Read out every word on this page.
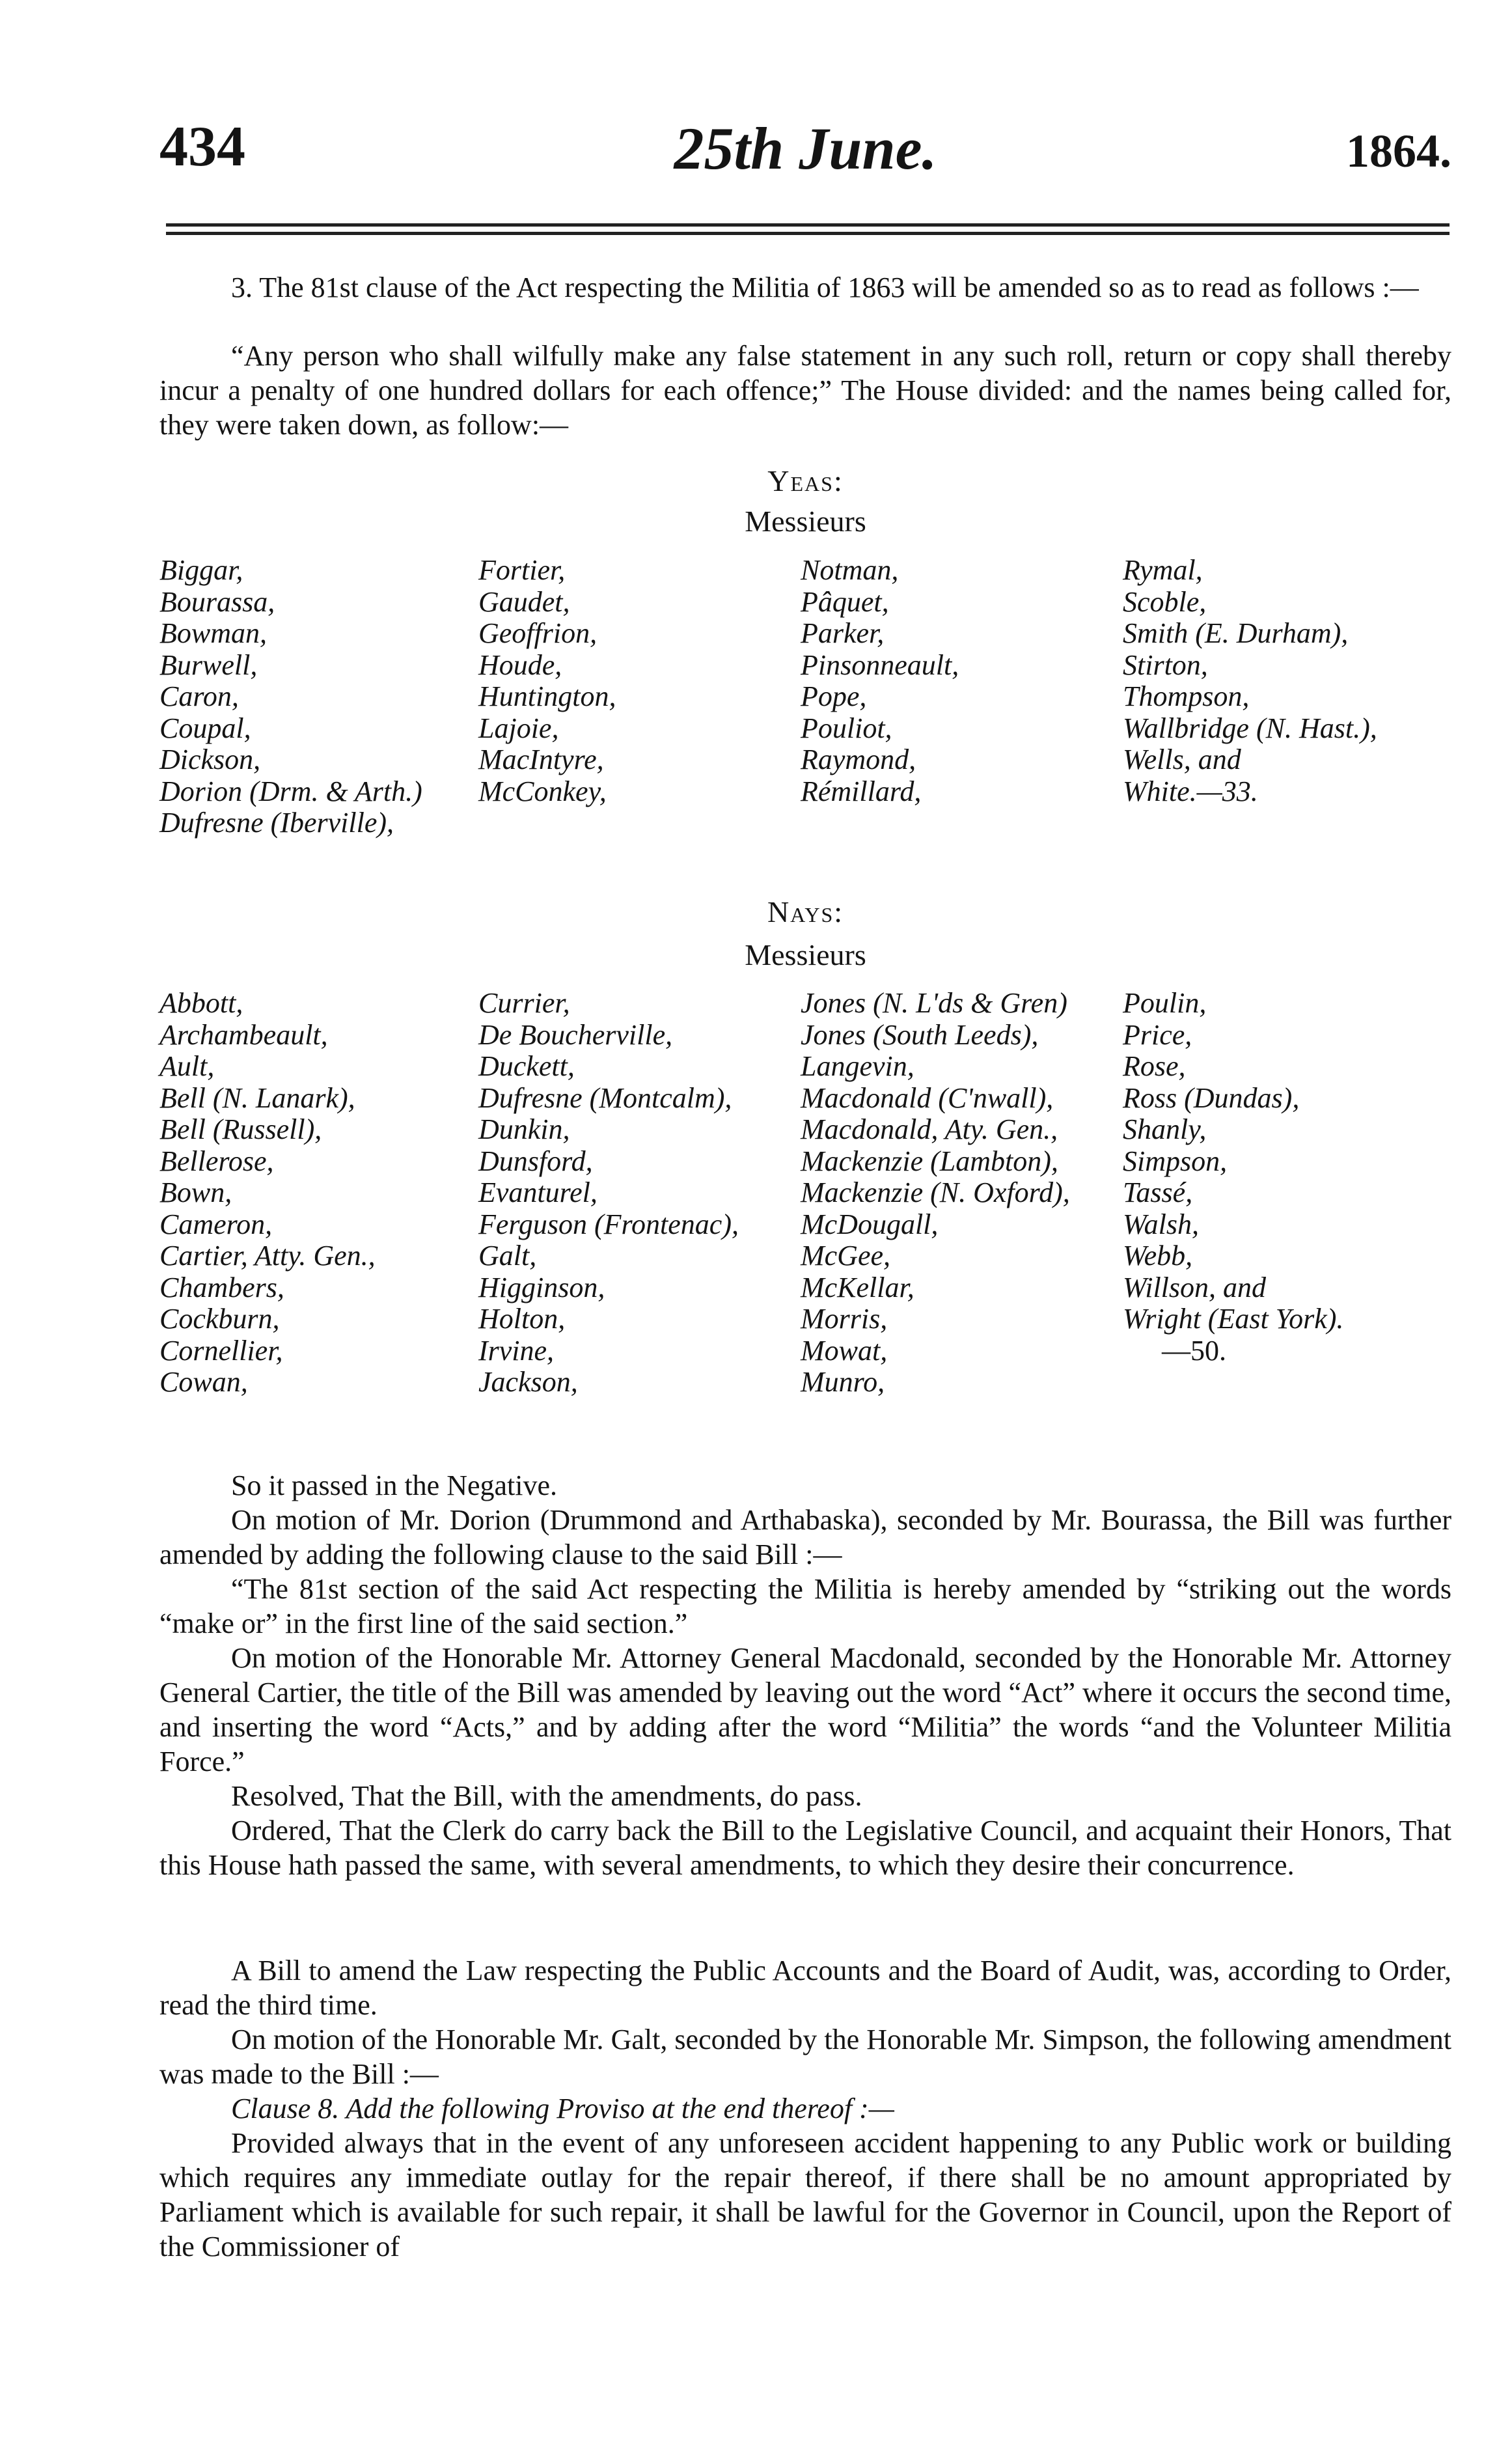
25th June.
434	1864.

3. The 81st clause of the Act respecting the Militia of 1863 will be amended so as to read as follows :—

“Any person who shall wilfully make any false statement in any such roll, return or copy shall thereby incur a penalty of one hundred dollars for each offence;” The House divided: and the names being called for, they were taken down, as follow:—

Yeas:
Messieurs
Biggar,
Bourassa,
Bowman,
Burwell,
Caron,
Coupal,
Dickson,
Dorion (Drm. & Arth.)
Dufresne (Iberville),
Fortier,
Gaudet,
Geoffrion,
Houde,
Huntington,
Lajoie,
MacIntyre,
McConkey,
Notman,
Pâquet,
Parker,
Pinsonneault,
Pope,
Pouliot,
Raymond,
Rémillard,
Rymal,
Scoble,
Smith (E. Durham),
Stirton,
Thompson,
Wallbridge (N. Hast.),
Wells, and
White.—33.
Nays:
Messieurs
Abbott,
Archambeault,
Ault,
Bell (N. Lanark),
Bell (Russell),
Bellerose,
Bown,
Cameron,
Cartier, Atty. Gen.,
Chambers,
Cockburn,
Cornellier,
Cowan,
Currier,
De Boucherville,
Duckett,
Dufresne (Montcalm),
Dunkin,
Dunsford,
Evanturel,
Ferguson (Frontenac),
Galt,
Higginson,
Holton,
Irvine,
Jackson,
Jones (N. L'ds & Gren)
Jones (South Leeds),
Langevin,
Macdonald (C'nwall),
Macdonald, Aty. Gen.,
Mackenzie (Lambton),
Mackenzie (N. Oxford),
McDougall,
McGee,
McKellar,
Morris,
Mowat,
Munro,
Poulin,
Price,
Rose,
Ross (Dundas),
Shanly,
Simpson,
Tassé,
Walsh,
Webb,
Willson, and
Wright (East York).
—50.

So it passed in the Negative.

On motion of Mr. Dorion (Drummond and Arthabaska), seconded by Mr. Bourassa, the Bill was further amended by adding the following clause to the said Bill :—

“The 81st section of the said Act respecting the Militia is hereby amended by “striking out the words “make or” in the first line of the said section.”

On motion of the Honorable Mr. Attorney General Macdonald, seconded by the Honorable Mr. Attorney General Cartier, the title of the Bill was amended by leaving out the word “Act” where it occurs the second time, and inserting the word “Acts,” and by adding after the word “Militia” the words “and the Volunteer Militia Force.”

Resolved, That the Bill, with the amendments, do pass.

Ordered, That the Clerk do carry back the Bill to the Legislative Council, and acquaint their Honors, That this House hath passed the same, with several amendments, to which they desire their concurrence.

A Bill to amend the Law respecting the Public Accounts and the Board of Audit, was, according to Order, read the third time.

On motion of the Honorable Mr. Galt, seconded by the Honorable Mr. Simpson, the following amendment was made to the Bill :—

Clause 8. Add the following Proviso at the end thereof :—

Provided always that in the event of any unforeseen accident happening to any Public work or building which requires any immediate outlay for the repair thereof, if there shall be no amount appropriated by Parliament which is available for such repair, it shall be lawful for the Governor in Council, upon the Report of the Commissioner of
